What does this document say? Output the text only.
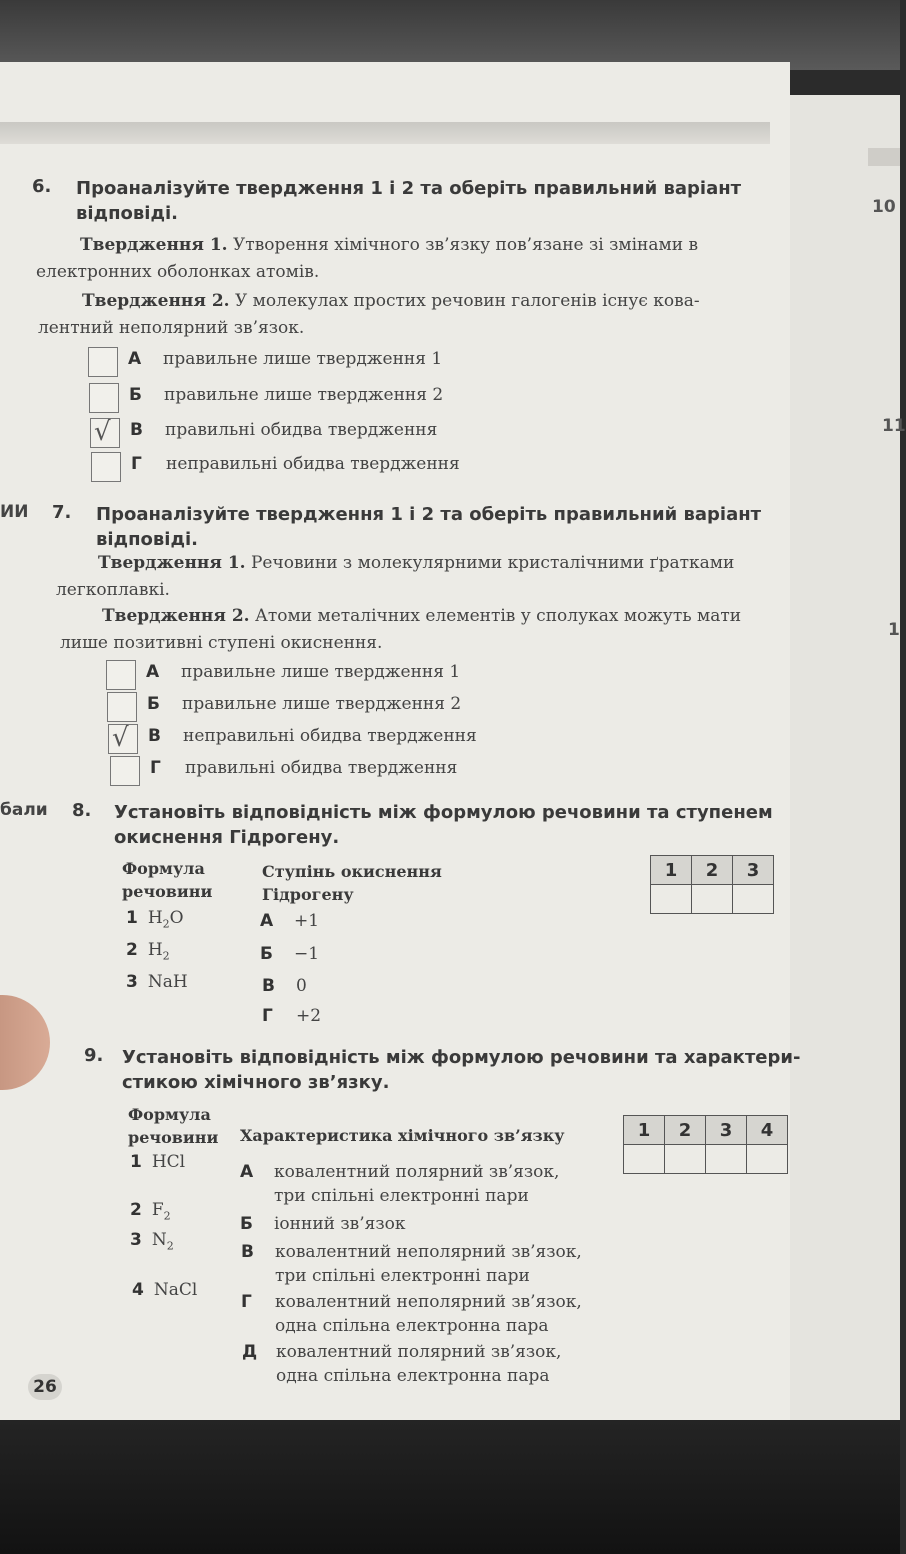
10
11
1
ИИ
бали
6. Проаналізуйте твердження 1 і 2 та оберіть правильний варіант
відповіді.
Твердження 1. Утворення хімічного зв’язку пов’язане зі змінами в
електронних оболонках атомів.
Твердження 2. У молекулах простих речовин галогенів існує кова-
лентний неполярний зв’язок.
А правильне лише твердження 1
Б правильне лише твердження 2
√ В правильні обидва твердження
Г неправильні обидва твердження
7. Проаналізуйте твердження 1 і 2 та оберіть правильний варіант
відповіді.
Твердження 1. Речовини з молекулярними кристалічними ґратками
легкоплавкі.
Твердження 2. Атоми металічних елементів у сполуках можуть мати
лише позитивні ступені окиснення.
А правильне лише твердження 1
Б правильне лише твердження 2
√ В неправильні обидва твердження
Г правильні обидва твердження
8. Установіть відповідність між формулою речовини та ступенем
окиснення Гідрогену.
Формула
речовини
Ступінь окиснення
Гідрогену
1 $H_2O$
2 $H_2$
3 NaH
А +1
Б −1
В 0
Г +2
1	2	3

9. Установіть відповідність між формулою речовини та характери-
стикою хімічного зв’язку.
Формула
речовини Характеристика хімічного зв’язку
1 HCl
2 $F_2$
3 $N_2$
4 NaCl
А ковалентний полярний зв’язок,
три спільні електронні пари
Б іонний зв’язок
В ковалентний неполярний зв’язок,
три спільні електронні пари
Г ковалентний неполярний зв’язок,
одна спільна електронна пара
Д ковалентний полярний зв’язок,
одна спільна електронна пара
1	2	3	4

26
